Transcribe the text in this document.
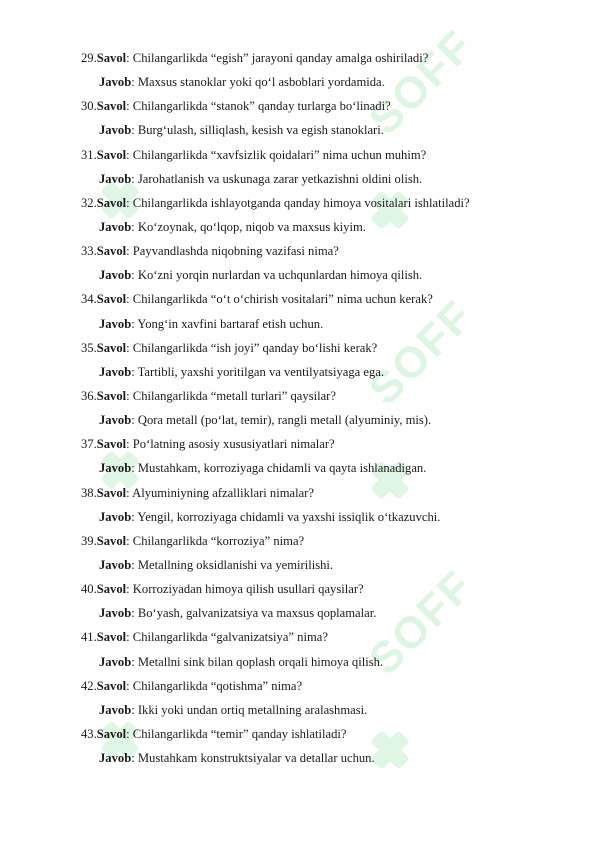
SOFF
SOFF
SOFF
29.Savol: Chilangarlikda “egish” jarayoni qanday amalga oshiriladi?
Javob: Maxsus stanoklar yoki qo‘l asboblari yordamida.
30.Savol: Chilangarlikda “stanok” qanday turlarga bo‘linadi?
Javob: Burg‘ulash, silliqlash, kesish va egish stanoklari.
31.Savol: Chilangarlikda “xavfsizlik qoidalari” nima uchun muhim?
Javob: Jarohatlanish va uskunaga zarar yetkazishni oldini olish.
32.Savol: Chilangarlikda ishlayotganda qanday himoya vositalari ishlatiladi?
Javob: Ko‘zoynak, qo‘lqop, niqob va maxsus kiyim.
33.Savol: Payvandlashda niqobning vazifasi nima?
Javob: Ko‘zni yorqin nurlardan va uchqunlardan himoya qilish.
34.Savol: Chilangarlikda “o‘t o‘chirish vositalari” nima uchun kerak?
Javob: Yong‘in xavfini bartaraf etish uchun.
35.Savol: Chilangarlikda “ish joyi” qanday bo‘lishi kerak?
Javob: Tartibli, yaxshi yoritilgan va ventilyatsiyaga ega.
36.Savol: Chilangarlikda “metall turlari” qaysilar?
Javob: Qora metall (po‘lat, temir), rangli metall (alyuminiy, mis).
37.Savol: Po‘latning asosiy xususiyatlari nimalar?
Javob: Mustahkam, korroziyaga chidamli va qayta ishlanadigan.
38.Savol: Alyuminiyning afzalliklari nimalar?
Javob: Yengil, korroziyaga chidamli va yaxshi issiqlik o‘tkazuvchi.
39.Savol: Chilangarlikda “korroziya” nima?
Javob: Metallning oksidlanishi va yemirilishi.
40.Savol: Korroziyadan himoya qilish usullari qaysilar?
Javob: Bo‘yash, galvanizatsiya va maxsus qoplamalar.
41.Savol: Chilangarlikda “galvanizatsiya” nima?
Javob: Metallni sink bilan qoplash orqali himoya qilish.
42.Savol: Chilangarlikda “qotishma” nima?
Javob: Ikki yoki undan ortiq metallning aralashmasi.
43.Savol: Chilangarlikda “temir” qanday ishlatiladi?
Javob: Mustahkam konstruktsiyalar va detallar uchun.
